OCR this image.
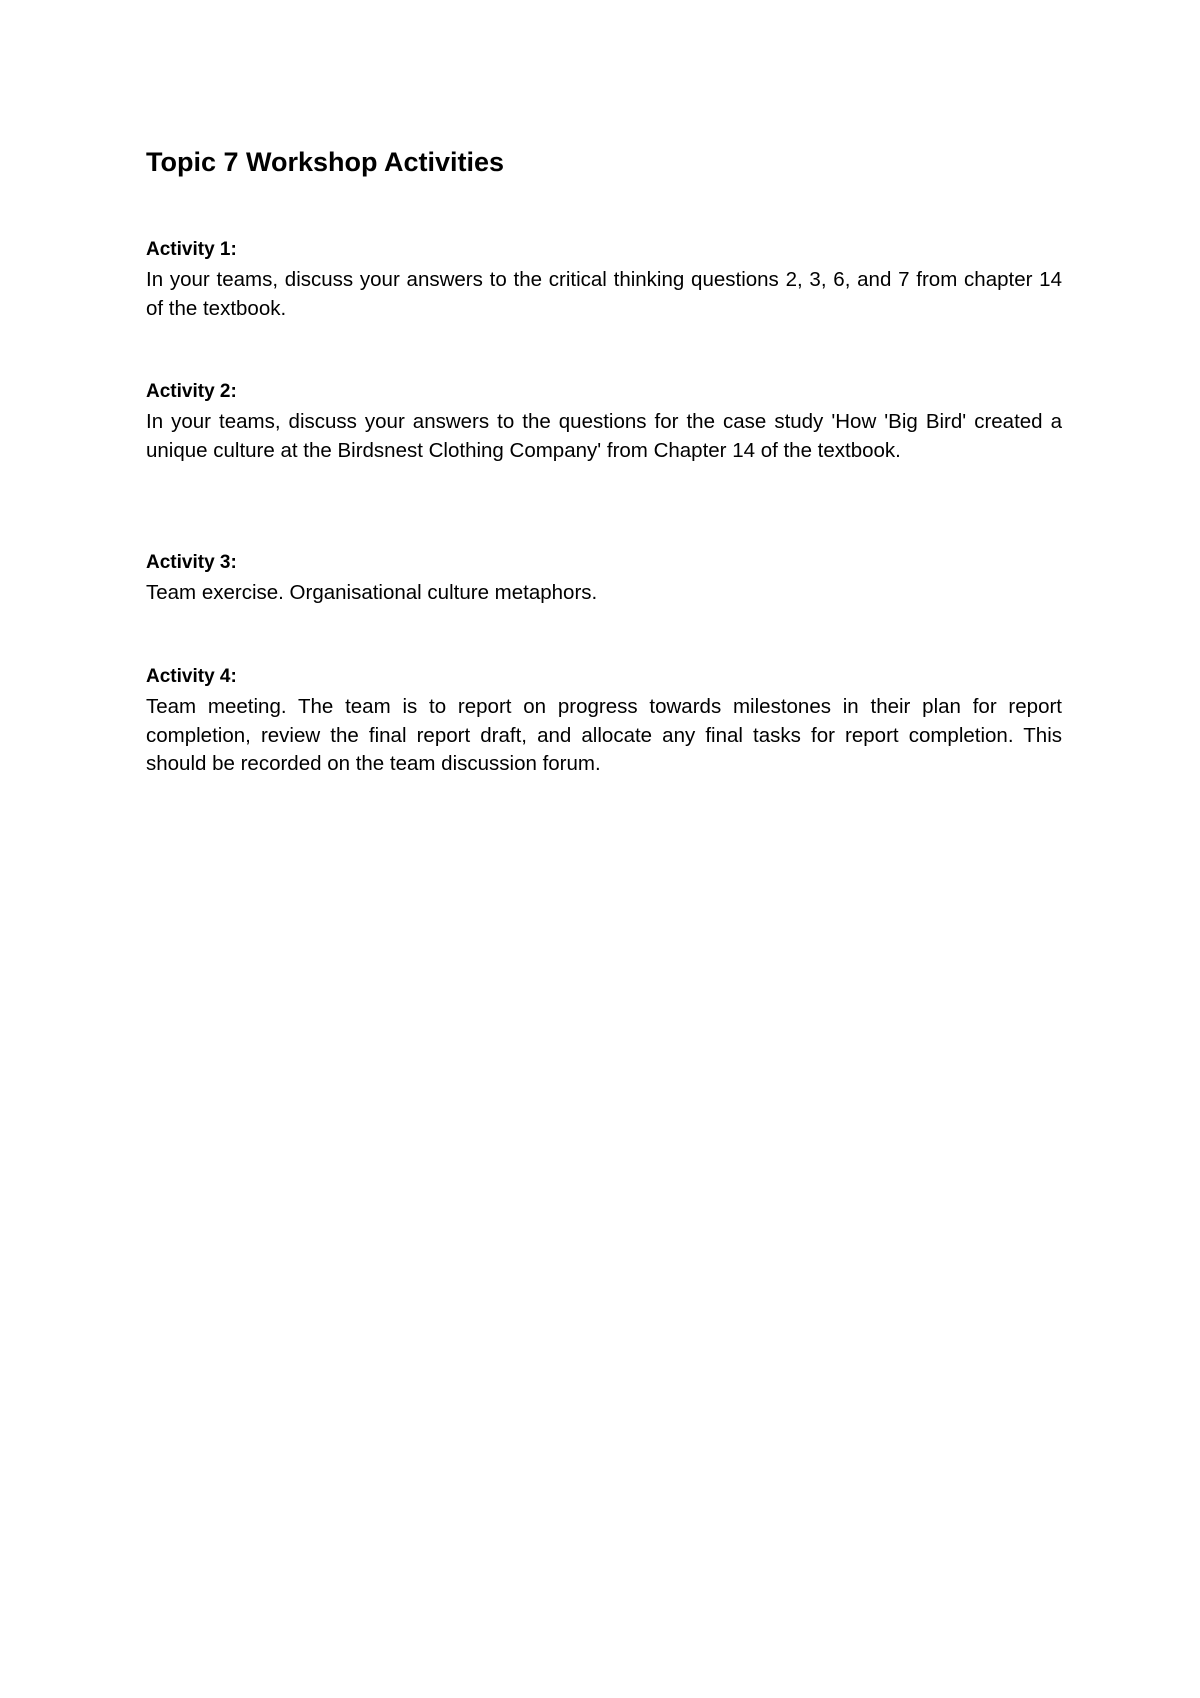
Topic 7 Workshop Activities
Activity 1:

In your teams, discuss your answers to the critical thinking questions 2, 3, 6, and 7 from chapter 14 of the textbook.

Activity 2:

In your teams, discuss your answers to the questions for the case study 'How 'Big Bird' created a unique culture at the Birdsnest Clothing Company' from Chapter 14 of the textbook.

Activity 3:

Team exercise. Organisational culture metaphors.

Activity 4:

Team meeting. The team is to report on progress towards milestones in their plan for report completion, review the final report draft, and allocate any final tasks for report completion. This should be recorded on the team discussion forum.
